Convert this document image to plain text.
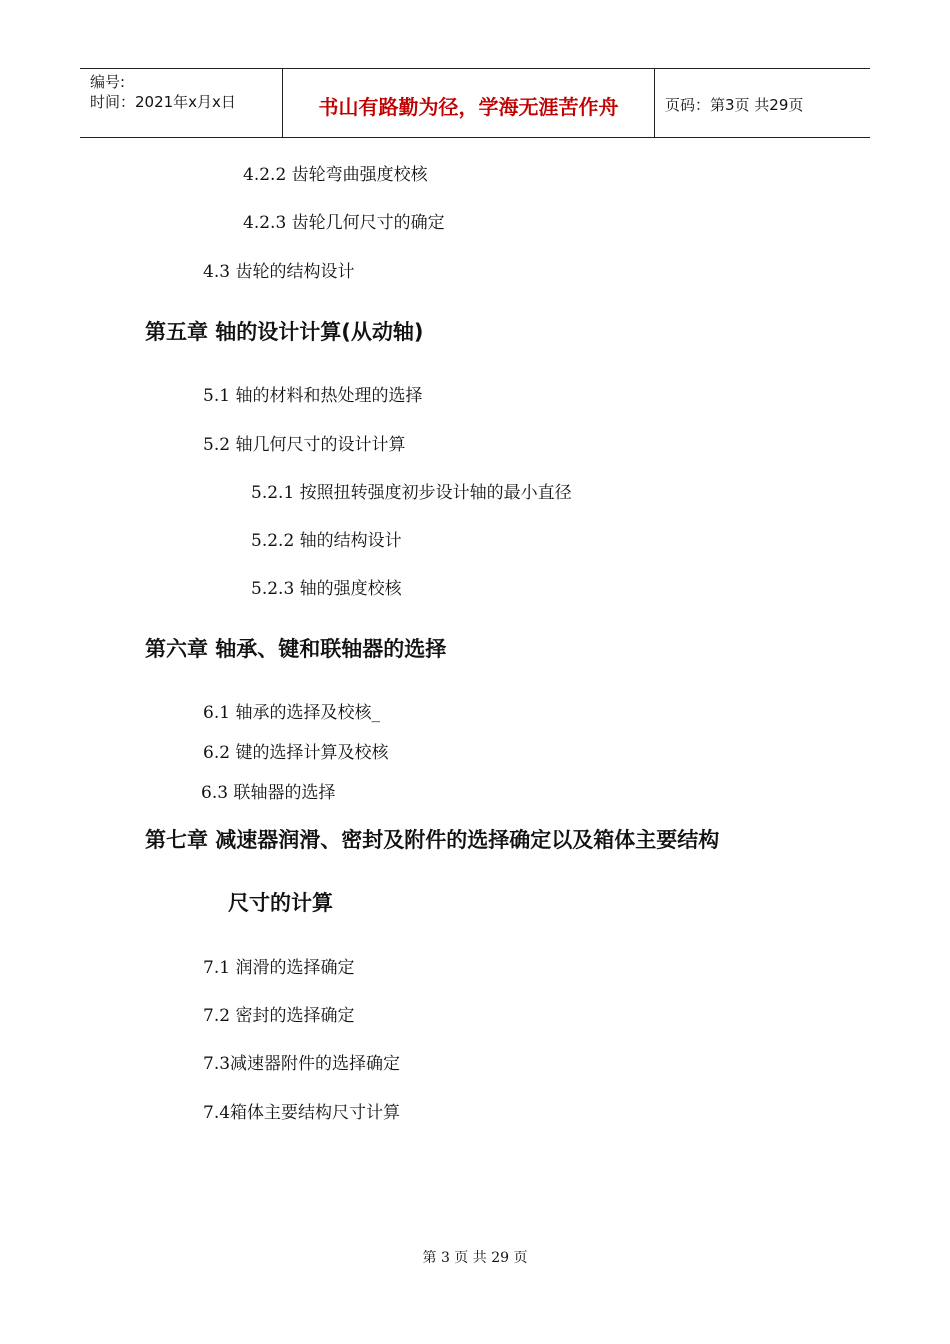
编号:
时间：2021年x月x日	书山有路勤为径，学海无涯苦作舟	页码：第3页 共29页
4.2.2 齿轮弯曲强度校核
4.2.3 齿轮几何尺寸的确定
4.3 齿轮的结构设计
第五章 轴的设计计算(从动轴)
5.1 轴的材料和热处理的选择
5.2 轴几何尺寸的设计计算
5.2.1 按照扭转强度初步设计轴的最小直径
5.2.2 轴的结构设计
5.2.3 轴的强度校核
第六章 轴承、键和联轴器的选择
6.1 轴承的选择及校核_
6.2 键的选择计算及校核
6.3 联轴器的选择
第七章 减速器润滑、密封及附件的选择确定以及箱体主要结构
尺寸的计算
7.1 润滑的选择确定
7.2 密封的选择确定
7.3减速器附件的选择确定
7.4箱体主要结构尺寸计算
第 3 页 共 29 页
